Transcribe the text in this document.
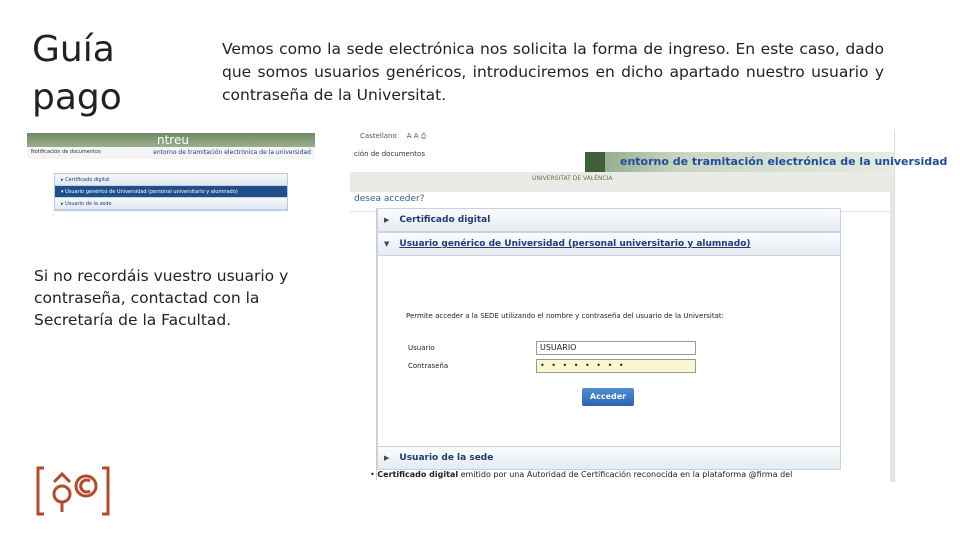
Guía
pago
Vemos como la sede electrónica nos solicita la forma de ingreso. En este caso, dado que somos usuarios genéricos, introduciremos en dicho apartado nuestro usuario y contraseña de la Universitat.
ntreu
Notificación de documentos	entorno de tramitación electrónica de la universidad
▸ Certificado digital
▾ Usuario genérico de Universidad (personal universitario y alumnado)
▸ Usuario de la sede
Si no recordáis vuestro usuario y contraseña, contactad con la Secretaría de la Facultad.
Castellano A A ⎙
ción de documentos
entorno de tramitación electrónica de la universidad
UNIVERSITAT DE VALÈNCIA
desea acceder?
▶ Certificado digital
▼ Usuario genérico de Universidad (personal universitario y alumnado)
Permite acceder a la SEDE utilizando el nombre y contraseña del usuario de la Universitat:
Usuario	USUARIO
Contraseña	• • • • • • • •
Acceder
▶ Usuario de la sede
• Certificado digital emitido por una Autoridad de Certificación reconocida en la plataforma @firma del
